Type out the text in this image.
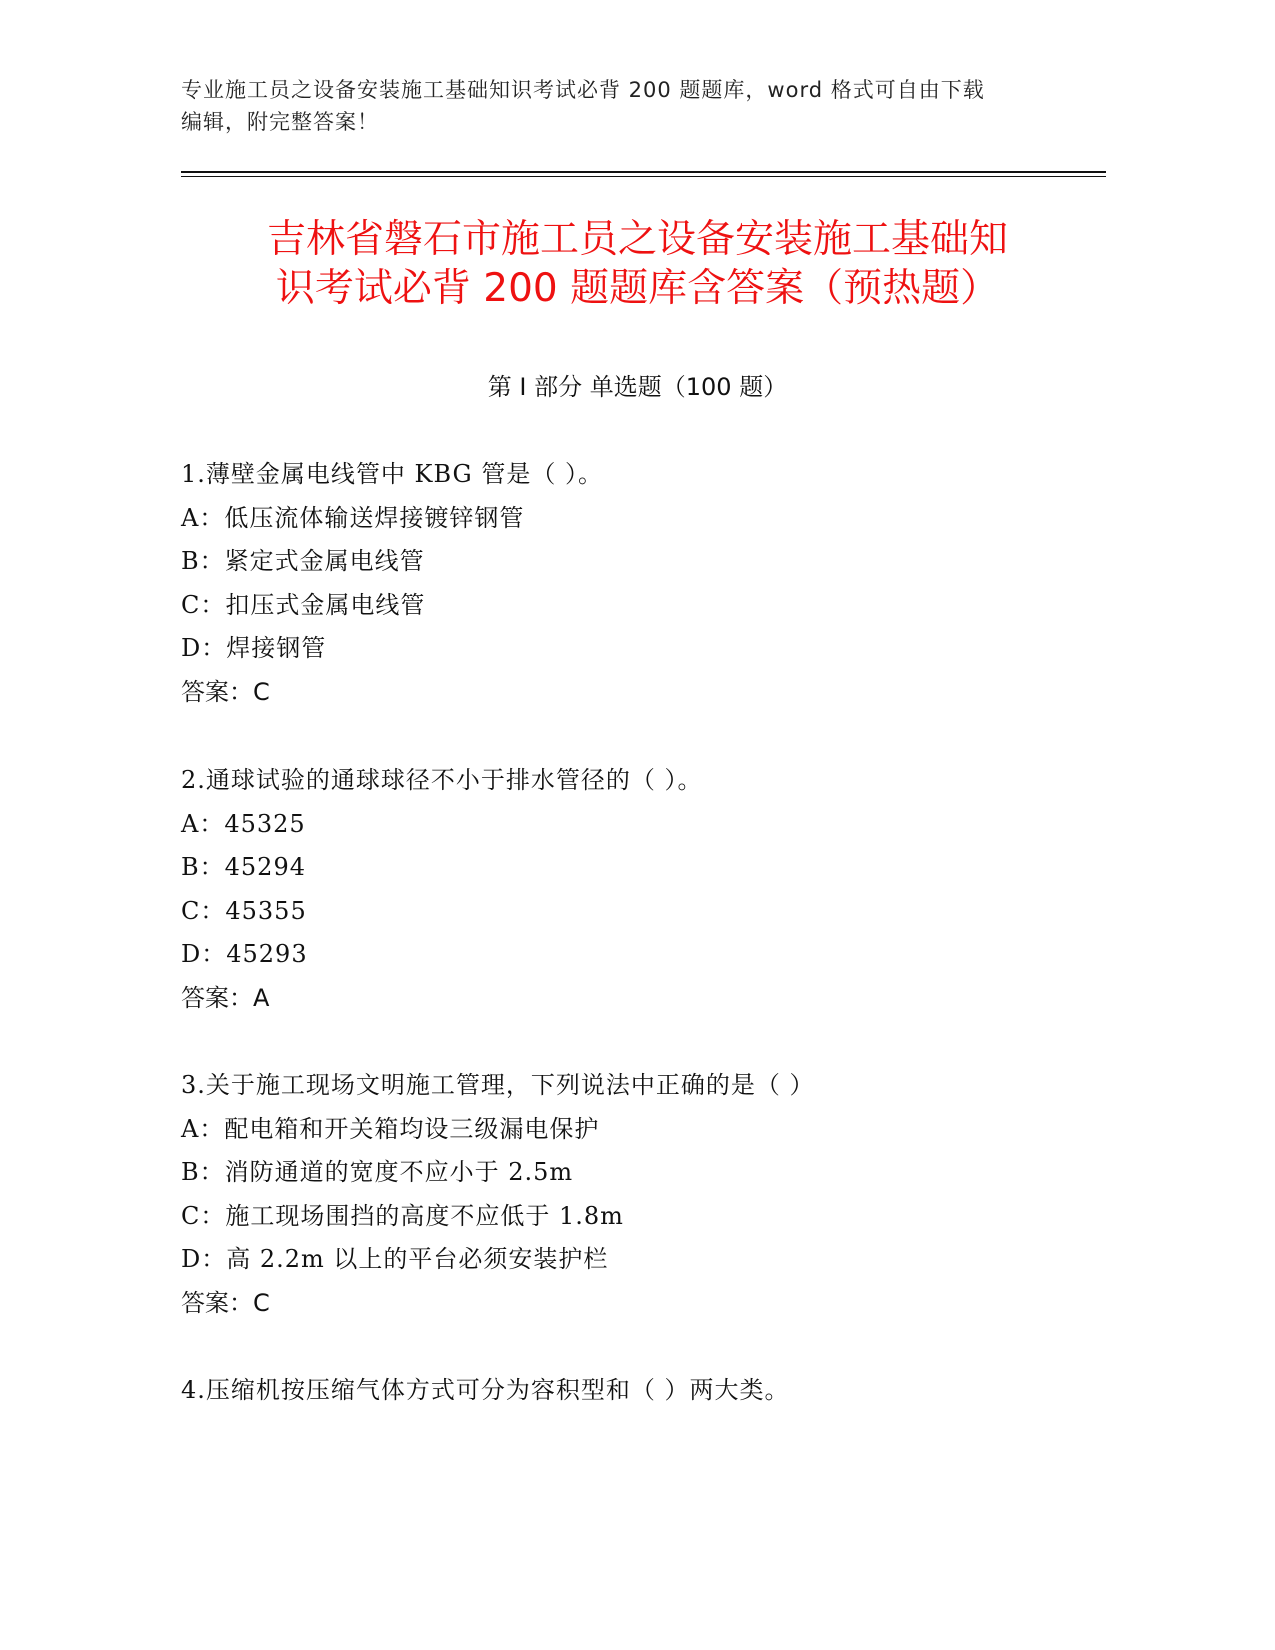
专业施工员之设备安装施工基础知识考试必背 200 题题库，word 格式可自由下载
编辑，附完整答案！
吉林省磐石市施工员之设备安装施工基础知
识考试必背 200 题题库含答案（预热题）
第 I 部分 单选题（100 题）
1.薄壁金属电线管中 KBG 管是（ ）。
A：低压流体输送焊接镀锌钢管
B：紧定式金属电线管
C：扣压式金属电线管
D：焊接钢管
答案：C
2.通球试验的通球球径不小于排水管径的（ ）。
A：45325
B：45294
C：45355
D：45293
答案：A
3.关于施工现场文明施工管理，下列说法中正确的是（ ）
A：配电箱和开关箱均设三级漏电保护
B：消防通道的宽度不应小于 2.5m
C：施工现场围挡的高度不应低于 1.8m
D：高 2.2m 以上的平台必须安装护栏
答案：C
4.压缩机按压缩气体方式可分为容积型和（ ）两大类。
